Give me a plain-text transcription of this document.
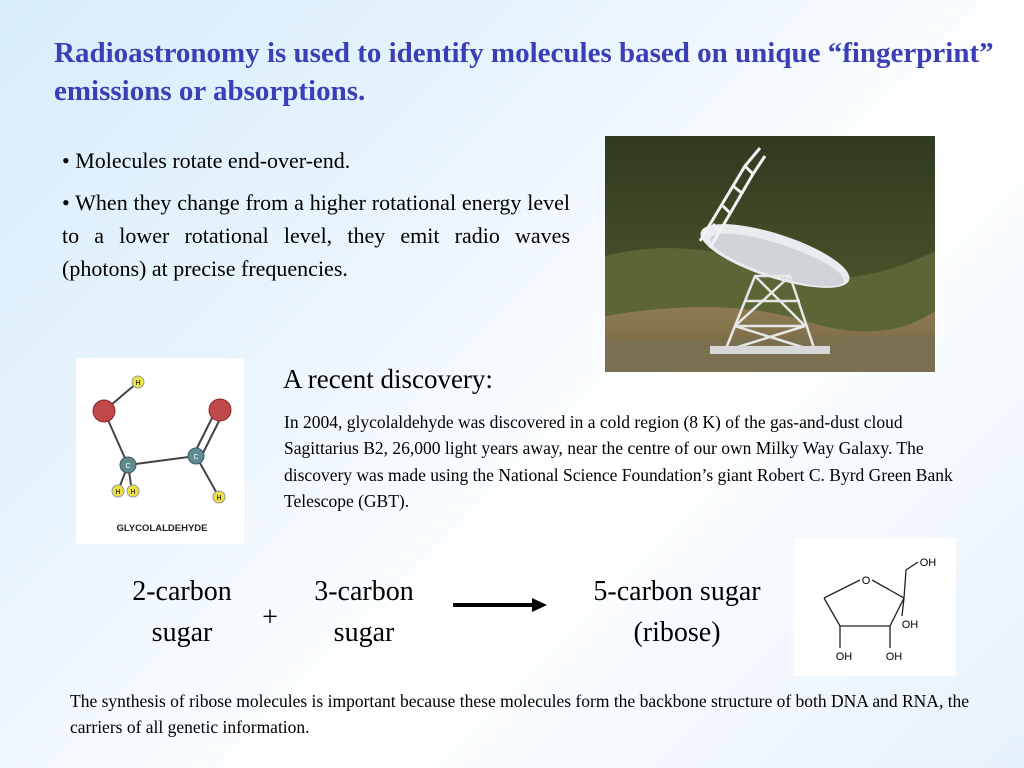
Radioastronomy is used to identify molecules based on unique “fingerprint” emissions or absorptions.

• Molecules rotate end-over-end.

• When they change from a higher rotational energy level to a lower rotational level, they emit radio waves (photons) at precise frequencies.

H
C
C
H H
H
GLYCOLALDEHYDE
A recent discovery:
In 2004, glycolaldehyde was discovered in a cold region (8 K) of the gas-and-dust cloud Sagittarius B2, 26,000 light years away, near the centre of our own Milky Way Galaxy. The discovery was made using the National Science Foundation’s giant Robert C. Byrd Green Bank Telescope (GBT).
2-carbon
sugar	+
3-carbon
sugar
5-carbon sugar
(ribose)
O
OH
OH
OH	OH
The synthesis of ribose molecules is important because these molecules form the backbone structure of both DNA and RNA, the carriers of all genetic information.
